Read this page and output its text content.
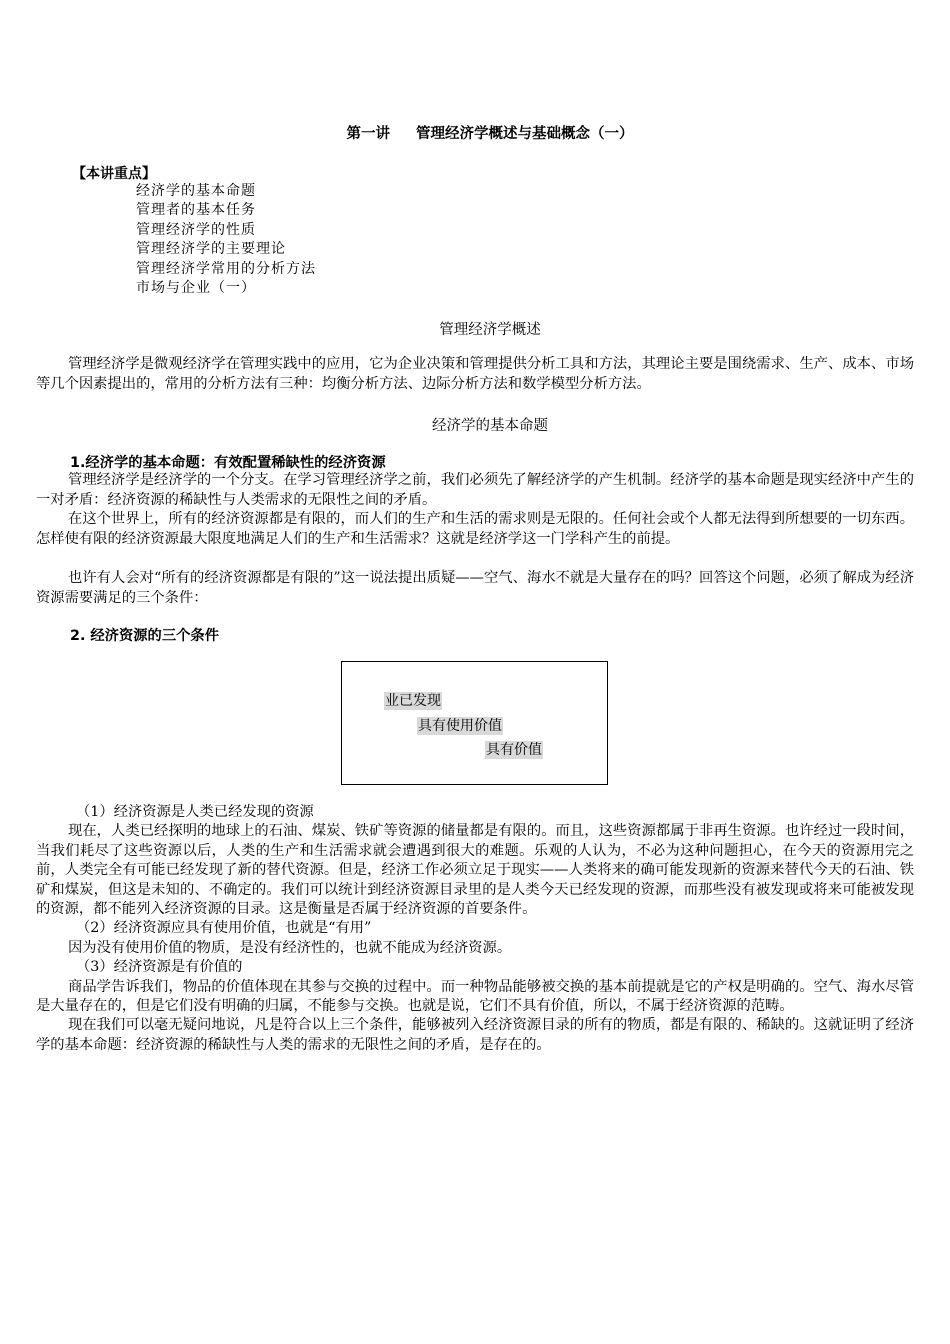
第一讲 管理经济学概述与基础概念（一）
【本讲重点】
经济学的基本命题
管理者的基本任务
管理经济学的性质
管理经济学的主要理论
管理经济学常用的分析方法
市场与企业（一）
管理经济学概述

管理经济学是微观经济学在管理实践中的应用，它为企业决策和管理提供分析工具和方法，其理论主要是围绕需求、生产、成本、市场等几个因素提出的，常用的分析方法有三种：均衡分析方法、边际分析方法和数学模型分析方法。

经济学的基本命题
1.经济学的基本命题：有效配置稀缺性的经济资源

管理经济学是经济学的一个分支。在学习管理经济学之前，我们必须先了解经济学的产生机制。经济学的基本命题是现实经济中产生的一对矛盾：经济资源的稀缺性与人类需求的无限性之间的矛盾。

在这个世界上，所有的经济资源都是有限的，而人们的生产和生活的需求则是无限的。任何社会或个人都无法得到所想要的一切东西。怎样使有限的经济资源最大限度地满足人们的生产和生活需求？这就是经济学这一门学科产生的前提。

也许有人会对“所有的经济资源都是有限的”这一说法提出质疑——空气、海水不就是大量存在的吗？回答这个问题，必须了解成为经济资源需要满足的三个条件：

2. 经济资源的三个条件
业已发现
具有使用价值
具有价值

（1）经济资源是人类已经发现的资源

现在，人类已经探明的地球上的石油、煤炭、铁矿等资源的储量都是有限的。而且，这些资源都属于非再生资源。也许经过一段时间，当我们耗尽了这些资源以后，人类的生产和生活需求就会遭遇到很大的难题。乐观的人认为，不必为这种问题担心，在今天的资源用完之前，人类完全有可能已经发现了新的替代资源。但是，经济工作必须立足于现实——人类将来的确可能发现新的资源来替代今天的石油、铁矿和煤炭，但这是未知的、不确定的。我们可以统计到经济资源目录里的是人类今天已经发现的资源，而那些没有被发现或将来可能被发现的资源，都不能列入经济资源的目录。这是衡量是否属于经济资源的首要条件。

（2）经济资源应具有使用价值，也就是“有用”

因为没有使用价值的物质，是没有经济性的，也就不能成为经济资源。

（3）经济资源是有价值的

商品学告诉我们，物品的价值体现在其参与交换的过程中。而一种物品能够被交换的基本前提就是它的产权是明确的。空气、海水尽管是大量存在的，但是它们没有明确的归属，不能参与交换。也就是说，它们不具有价值，所以，不属于经济资源的范畴。

现在我们可以毫无疑问地说，凡是符合以上三个条件，能够被列入经济资源目录的所有的物质，都是有限的、稀缺的。这就证明了经济学的基本命题：经济资源的稀缺性与人类的需求的无限性之间的矛盾，是存在的。
